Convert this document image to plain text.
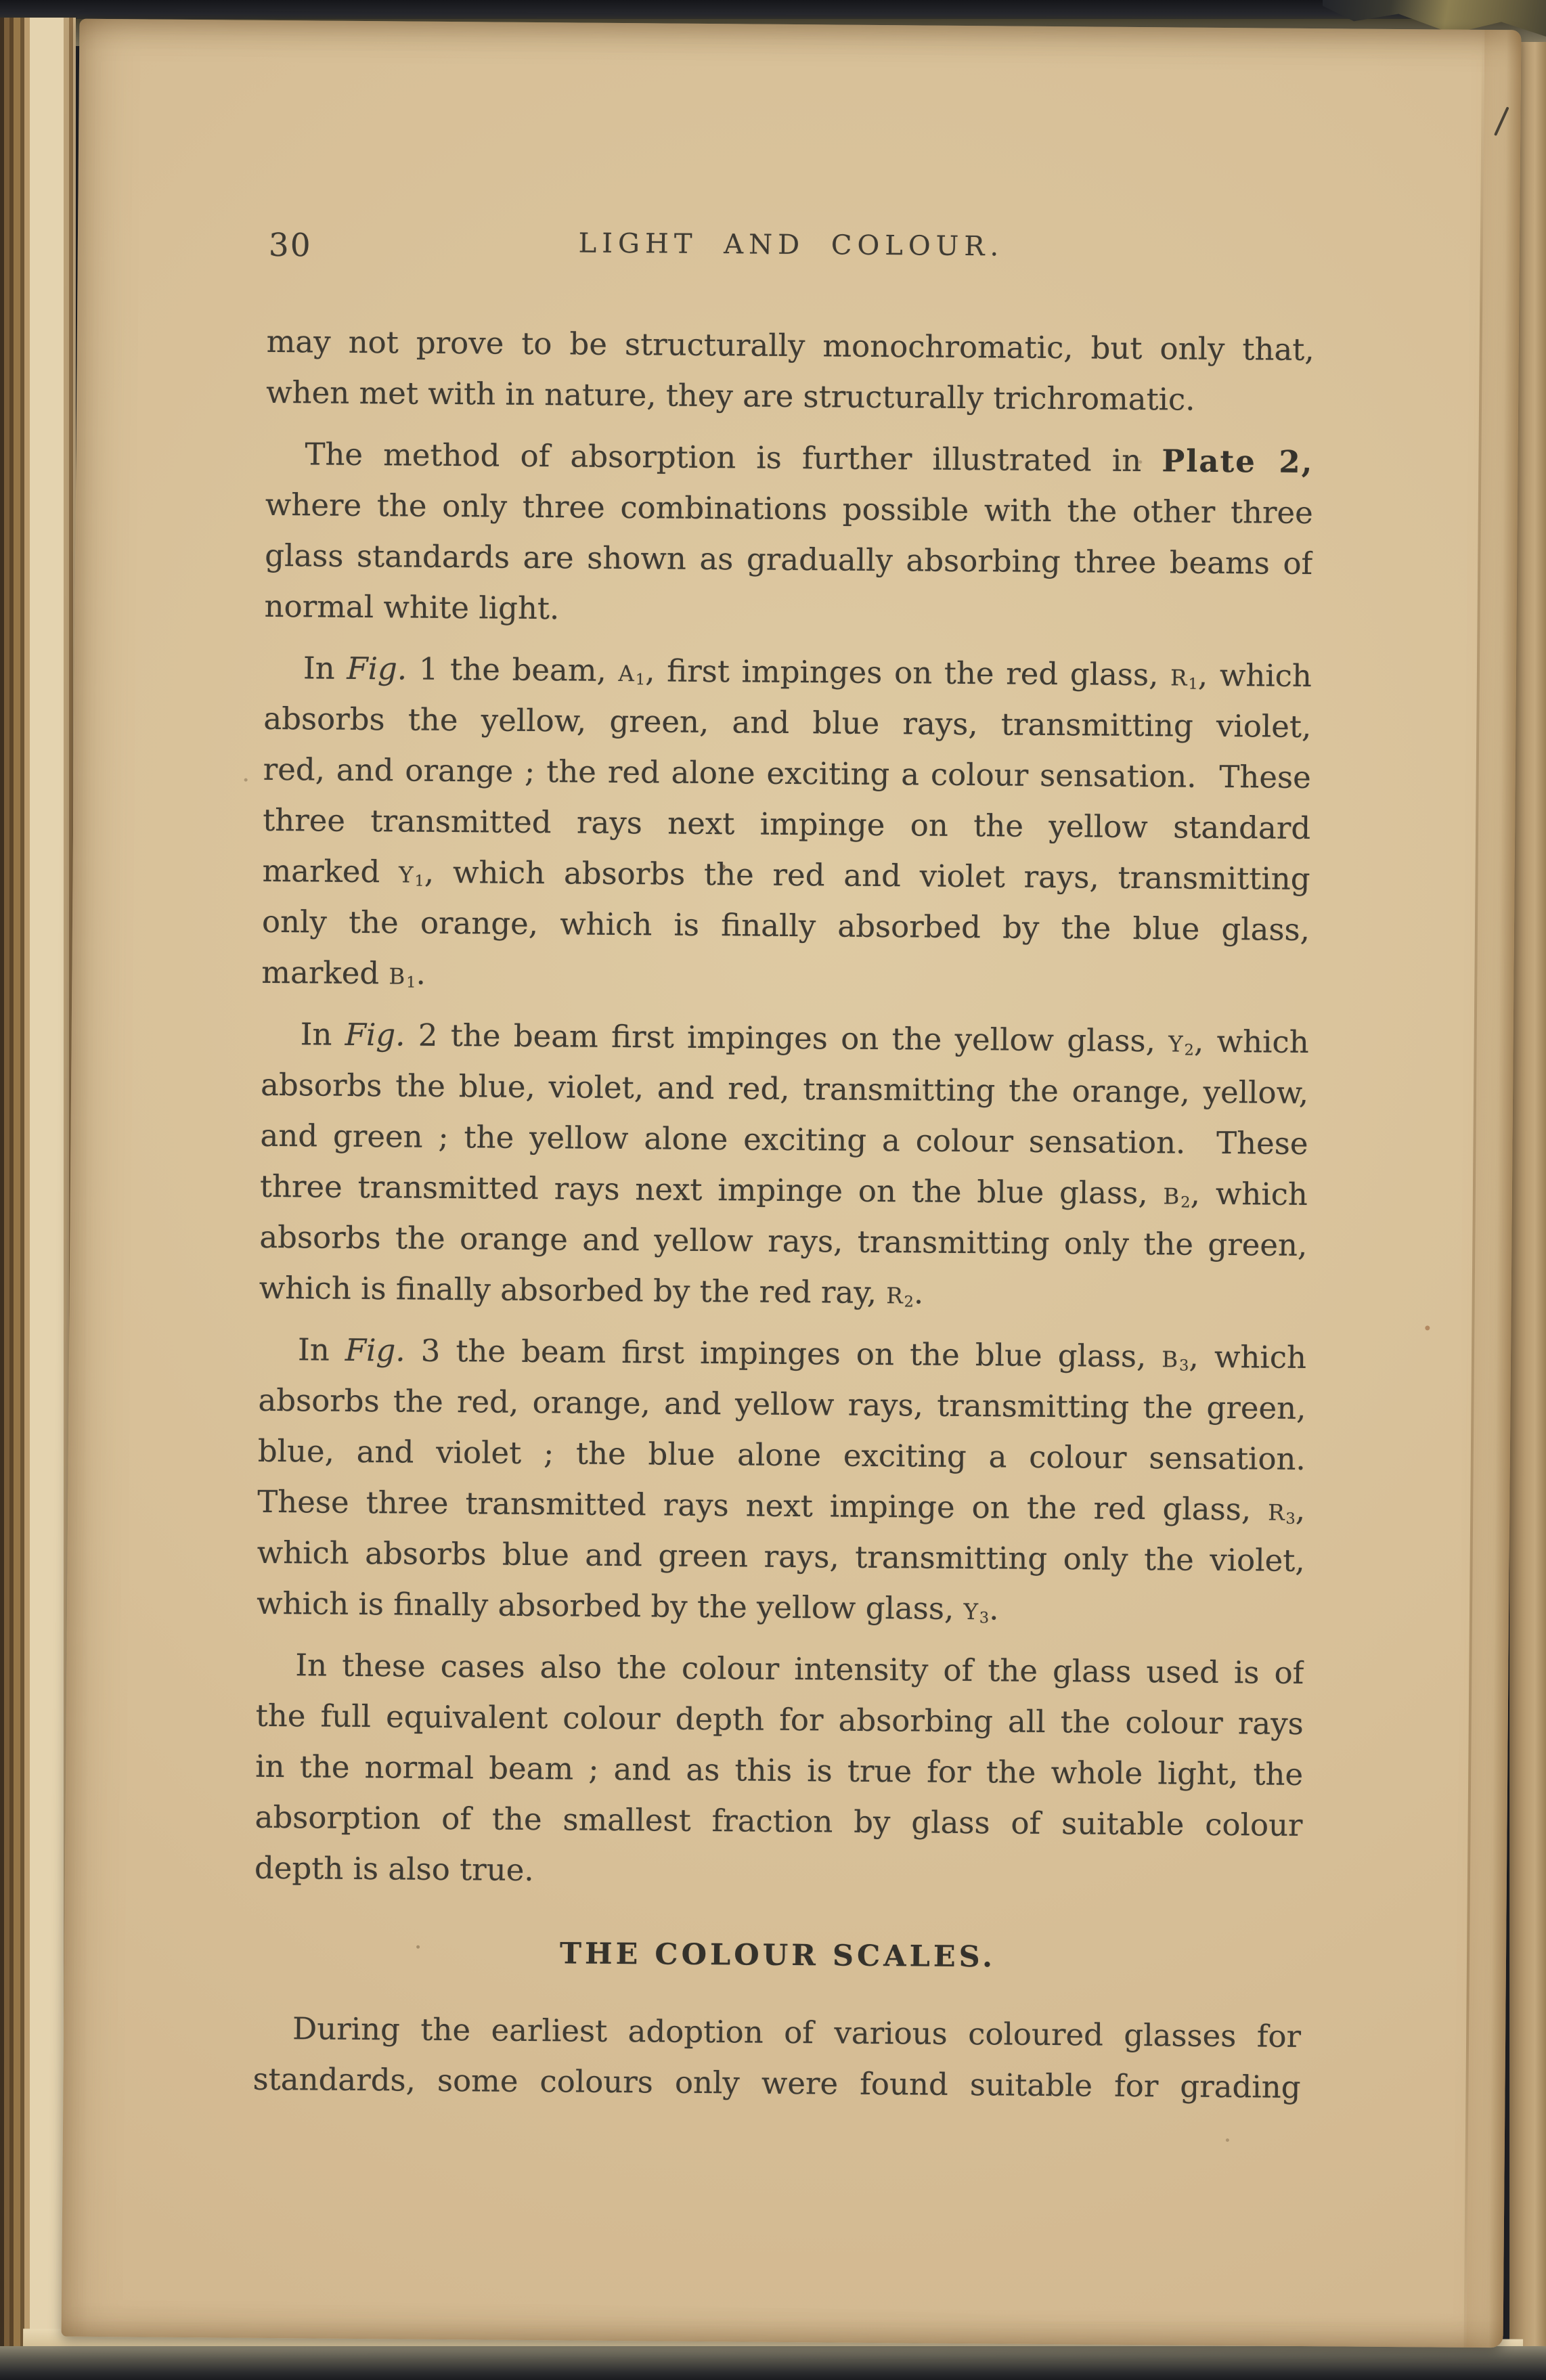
30	LIGHT AND COLOUR.
may not prove to be structurally monochromatic, but only that,
when met with in nature, they are structurally trichromatic.
The method of absorption is further illustrated in Plate 2,
where the only three combinations possible with the other three
glass standards are shown as gradually absorbing three beams of
normal white light.
In Fig. 1 the beam, $A_1$, first impinges on the red glass, $R_1$, which
absorbs the yellow, green, and blue rays, transmitting violet,
red, and orange ; the red alone exciting a colour sensation.  These
three transmitted rays next impinge on the yellow standard
marked $Y_1$, which absorbs the red and violet rays, transmitting
only the orange, which is finally absorbed by the blue glass,
marked $B_1$.
In Fig. 2 the beam first impinges on the yellow glass, $Y_2$, which
absorbs the blue, violet, and red, transmitting the orange, yellow,
and green ; the yellow alone exciting a colour sensation.  These
three transmitted rays next impinge on the blue glass, $B_2$, which
absorbs the orange and yellow rays, transmitting only the green,
which is finally absorbed by the red ray, $R_2$.
In Fig. 3 the beam first impinges on the blue glass, $B_3$, which
absorbs the red, orange, and yellow rays, transmitting the green,
blue, and violet ; the blue alone exciting a colour sensation.
These three transmitted rays next impinge on the red glass, $R_3$,
which absorbs blue and green rays, transmitting only the violet,
which is finally absorbed by the yellow glass, $Y_3$.
In these cases also the colour intensity of the glass used is of
the full equivalent colour depth for absorbing all the colour rays
in the normal beam ; and as this is true for the whole light, the
absorption of the smallest fraction by glass of suitable colour
depth is also true.
THE COLOUR SCALES.
During the earliest adoption of various coloured glasses for
standards, some colours only were found suitable for grading
